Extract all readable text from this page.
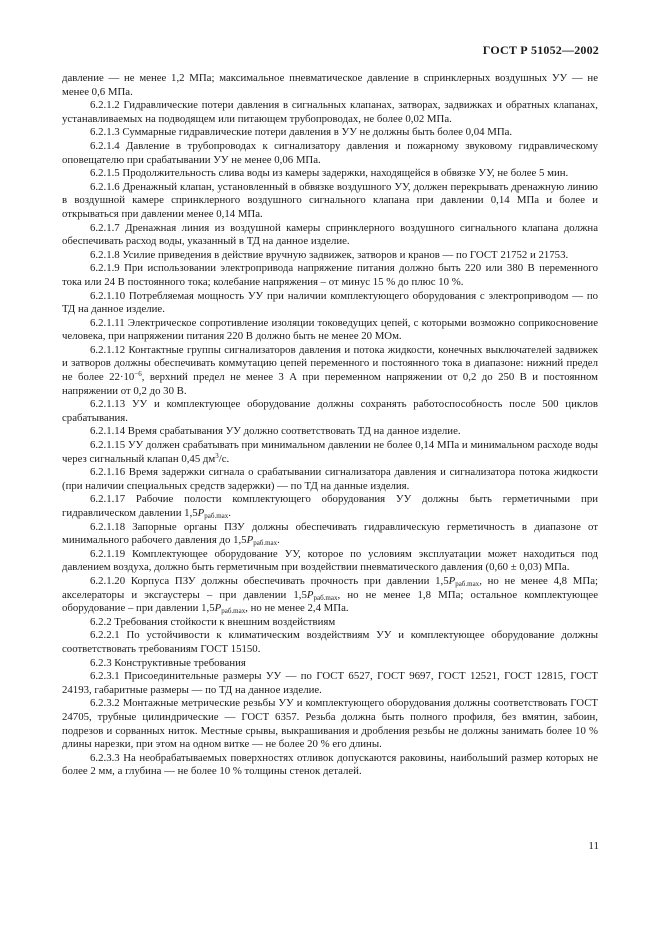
ГОСТ Р 51052—2002

давление — не менее 1,2 МПа; максимальное пневматическое давление в спринклерных воздушных УУ — не менее 0,6 МПа.

6.2.1.2 Гидравлические потери давления в сигнальных клапанах, затворах, задвижках и обратных клапанах, устанавливаемых на подводящем или питающем трубопроводах, не более 0,02 МПа.

6.2.1.3 Суммарные гидравлические потери давления в УУ не должны быть более 0,04 МПа.

6.2.1.4 Давление в трубопроводах к сигнализатору давления и пожарному звуковому гидравлическому оповещателю при срабатывании УУ не менее 0,06 МПа.

6.2.1.5 Продолжительность слива воды из камеры задержки, находящейся в обвязке УУ, не более 5 мин.

6.2.1.6 Дренажный клапан, установленный в обвязке воздушного УУ, должен перекрывать дренажную линию в воздушной камере спринклерного воздушного сигнального клапана при давлении 0,14 МПа и более и открываться при давлении менее 0,14 МПа.

6.2.1.7 Дренажная линия из воздушной камеры спринклерного воздушного сигнального клапана должна обеспечивать расход воды, указанный в ТД на данное изделие.

6.2.1.8 Усилие приведения в действие вручную задвижек, затворов и кранов — по ГОСТ 21752 и 21753.

6.2.1.9 При использовании электропривода напряжение питания должно быть 220 или 380 В переменного тока или 24 В постоянного тока; колебание напряжения – от минус 15 % до плюс 10 %.

6.2.1.10 Потребляемая мощность УУ при наличии комплектующего оборудования с электроприводом — по ТД на данное изделие.

6.2.1.11 Электрическое сопротивление изоляции токоведущих цепей, с которыми возможно соприкосновение человека, при напряжении питания 220 В должно быть не менее 20 МОм.

6.2.1.12 Контактные группы сигнализаторов давления и потока жидкости, конечных выключателей задвижек и затворов должны обеспечивать коммутацию цепей переменного и постоянного тока в диапазоне: нижний предел не более $22\cdot 10^{-6}$, верхний предел не менее 3 А при переменном напряжении от 0,2 до 250 В и постоянном напряжении от 0,2 до 30 В.

6.2.1.13 УУ и комплектующее оборудование должны сохранять работоспособность после 500 циклов срабатывания.

6.2.1.14 Время срабатывания УУ должно соответствовать ТД на данное изделие.

6.2.1.15 УУ должен срабатывать при минимальном давлении не более 0,14 МПа и минимальном расходе воды через сигнальный клапан 0,45 $дм^3/с$.

6.2.1.16 Время задержки сигнала о срабатывании сигнализатора давления и сигнализатора потока жидкости (при наличии специальных средств задержки) — по ТД на данные изделия.

6.2.1.17 Рабочие полости комплектующего оборудования УУ должны быть герметичными при гидравлическом давлении $1,5P_{раб.max}$.

6.2.1.18 Запорные органы ПЗУ должны обеспечивать гидравлическую герметичность в диапазоне от минимального рабочего давления до $1,5P_{раб.max}$.

6.2.1.19 Комплектующее оборудование УУ, которое по условиям эксплуатации может находиться под давлением воздуха, должно быть герметичным при воздействии пневматического давления (0,60 ± 0,03) МПа.

6.2.1.20 Корпуса ПЗУ должны обеспечивать прочность при давлении $1,5P_{раб.max}$, но не менее 4,8 МПа; акселераторы и эксгаустеры – при давлении $1,5P_{раб.max}$, но не менее 1,8 МПа; остальное комплектующее оборудование – при давлении $1,5P_{раб.max}$, но не менее 2,4 МПа.

6.2.2 Требования стойкости к внешним воздействиям

6.2.2.1 По устойчивости к климатическим воздействиям УУ и комплектующее оборудование должны соответствовать требованиям ГОСТ 15150.

6.2.3 Конструктивные требования

6.2.3.1 Присоединительные размеры УУ — по ГОСТ 6527, ГОСТ 9697, ГОСТ 12521, ГОСТ 12815, ГОСТ 24193, габаритные размеры — по ТД на данное изделие.

6.2.3.2 Монтажные метрические резьбы УУ и комплектующего оборудования должны соответствовать ГОСТ 24705, трубные цилиндрические — ГОСТ 6357. Резьба должна быть полного профиля, без вмятин, забоин, подрезов и сорванных ниток. Местные срывы, выкрашивания и дробления резьбы не должны занимать более 10 % длины нарезки, при этом на одном витке — не более 20 % его длины.

6.2.3.3 На необрабатываемых поверхностях отливок допускаются раковины, наибольший размер которых не более 2 мм, а глубина — не более 10 % толщины стенок деталей.

11
